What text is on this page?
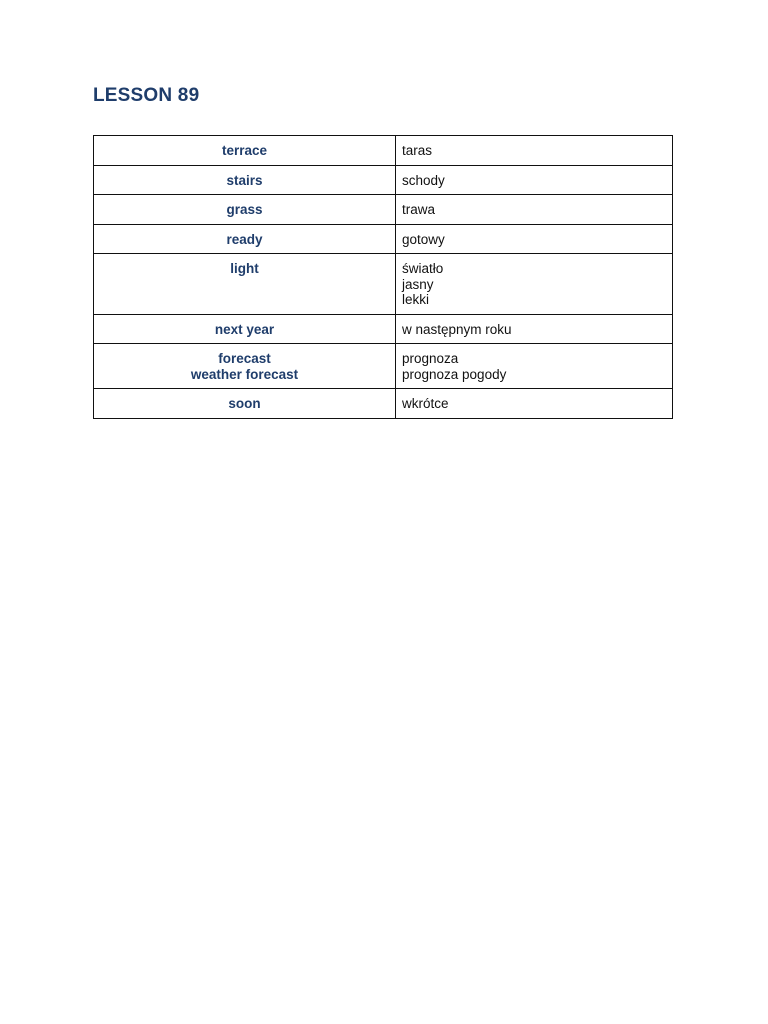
LESSON 89
terrace	taras

stairs	schody

grass	trawa

ready	gotowy

light	światło
jasny
lekki

next year	w następnym roku

forecast
weather forecast	prognoza
prognoza pogody

soon	wkrótce
